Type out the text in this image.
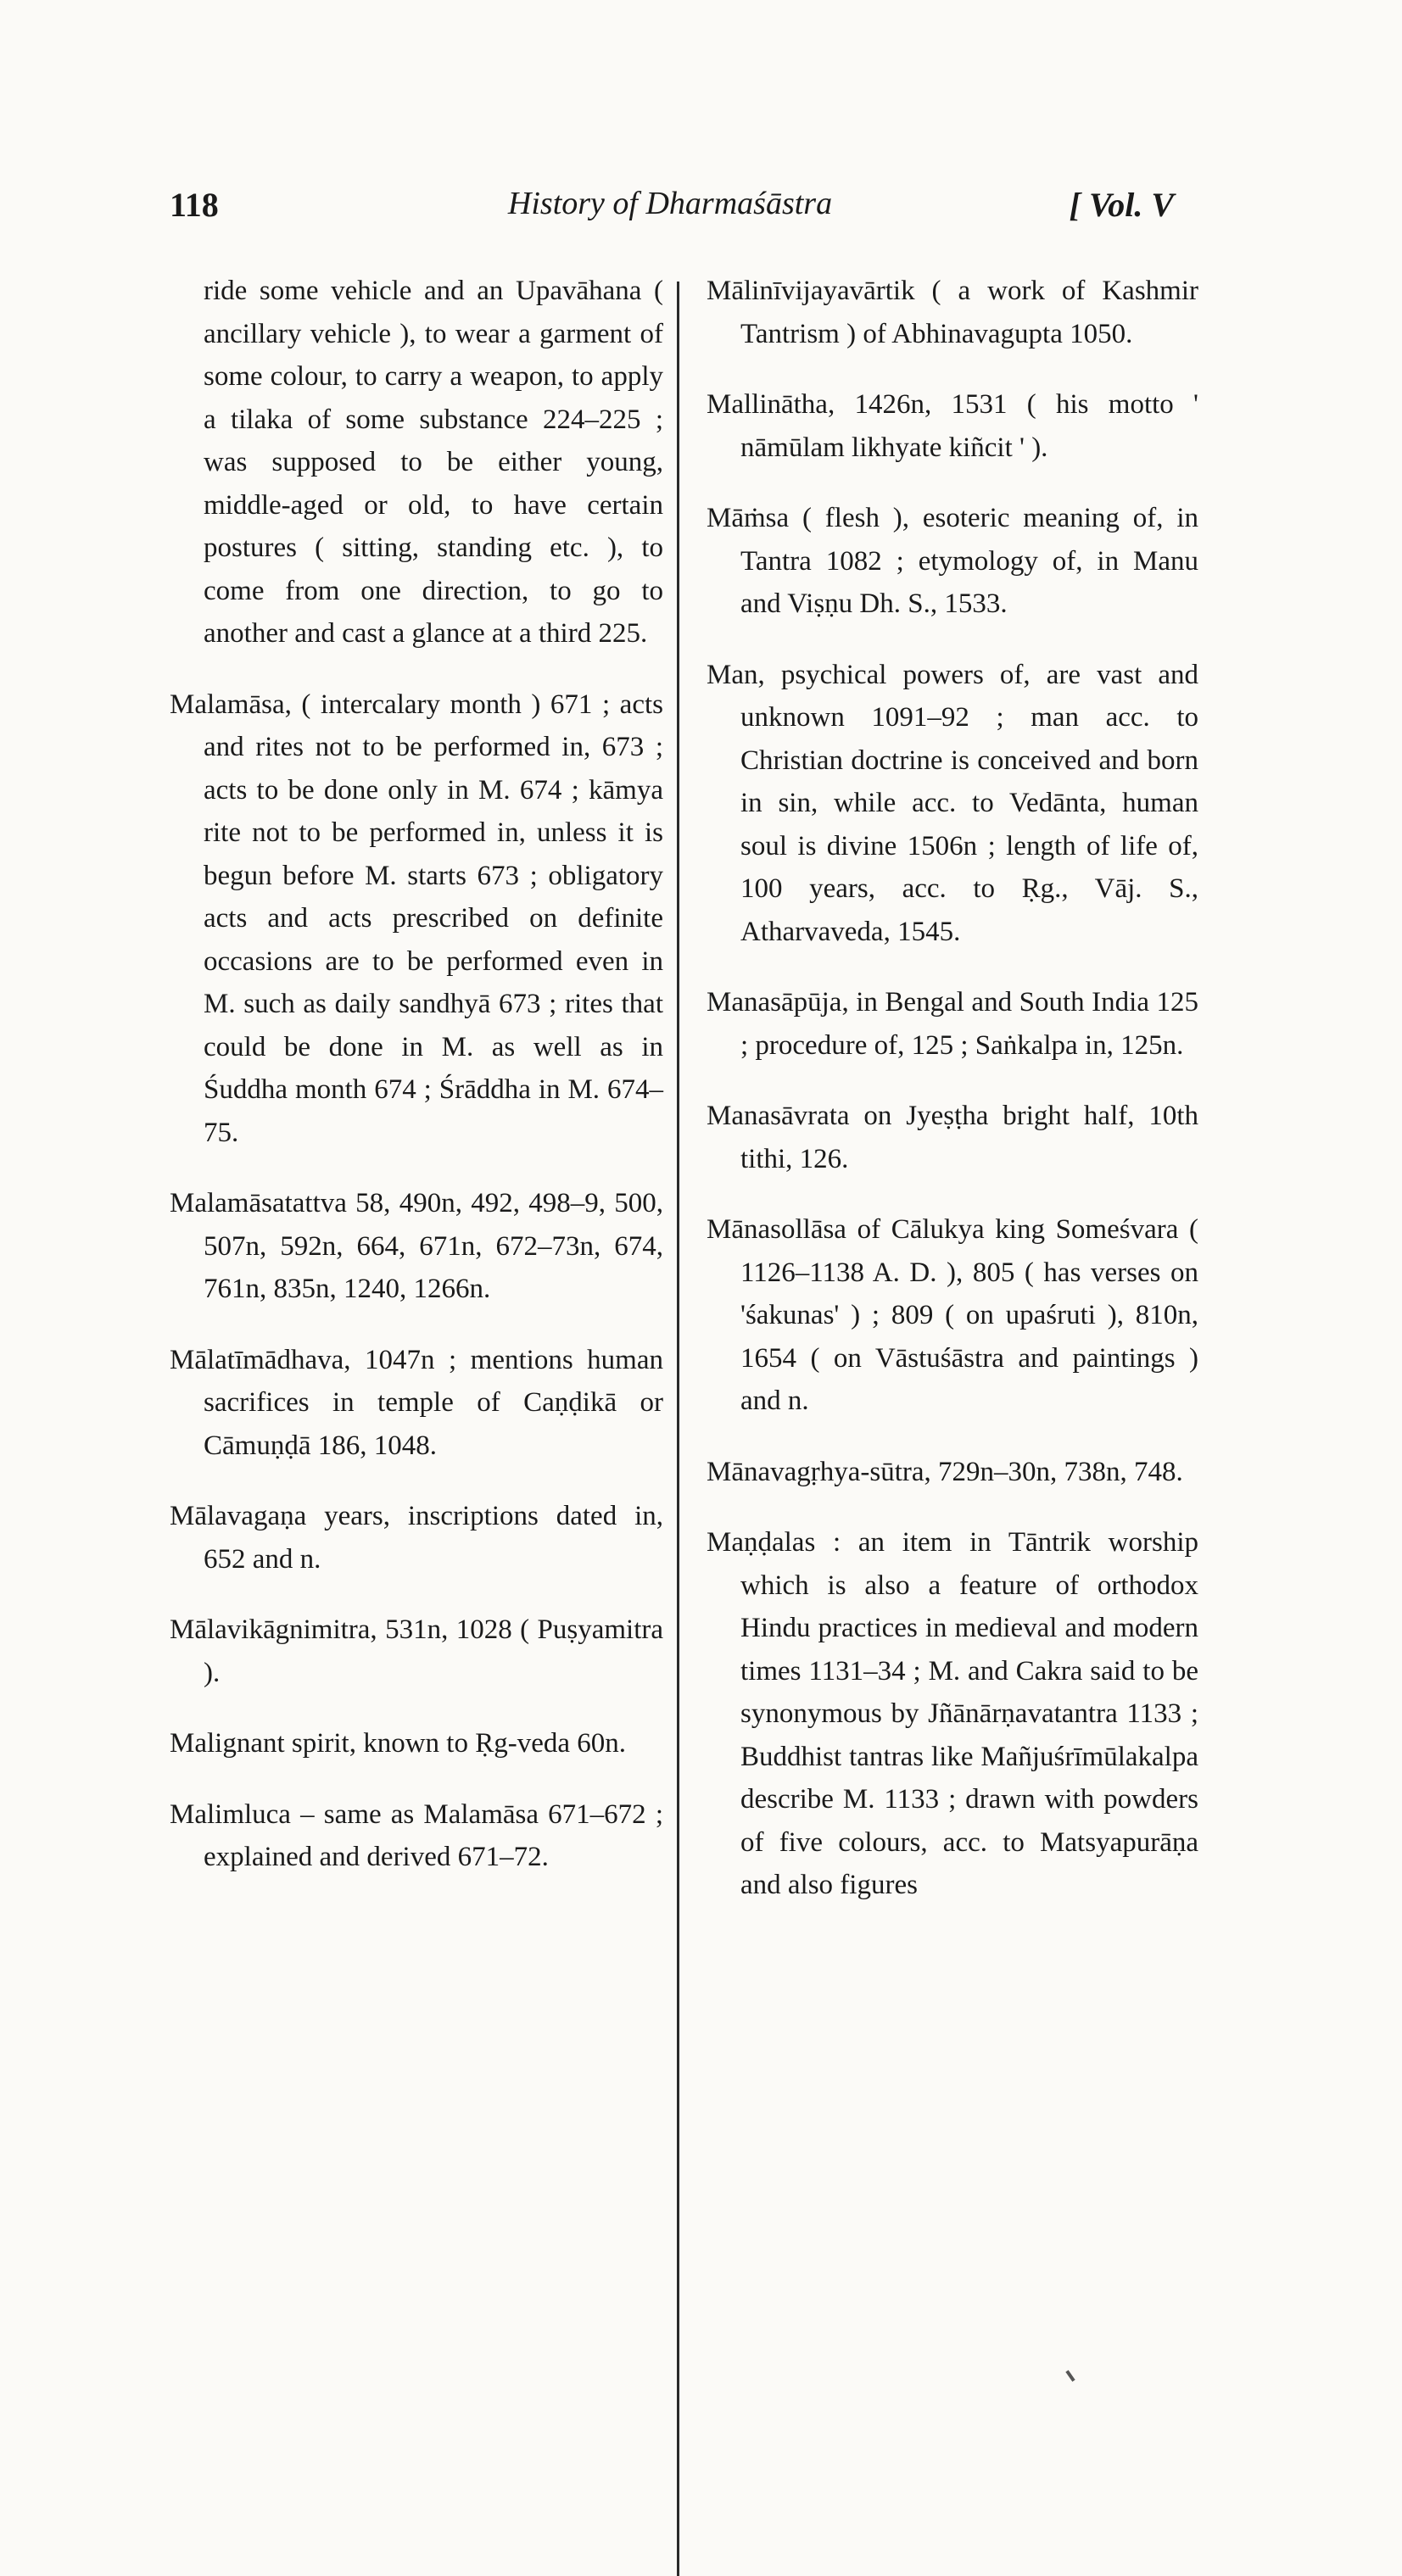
118	History of Dharmaśāstra	[ Vol. V

ride some vehicle and an Upavāhana ( ancillary vehicle ), to wear a garment of some colour, to carry a weapon, to apply a tilaka of some substance 224–225 ; was supposed to be either young, middle-aged or old, to have certain postures ( sitting, standing etc. ), to come from one direction, to go to another and cast a glance at a third 225.

Malamāsa, ( intercalary month ) 671 ; acts and rites not to be performed in, 673 ; acts to be done only in M. 674 ; kāmya rite not to be performed in, unless it is begun before M. starts 673 ; obligatory acts and acts prescribed on definite occasions are to be performed even in M. such as daily sandhyā 673 ; rites that could be done in M. as well as in Śuddha month 674 ; Śrāddha in M. 674–75.

Malamāsatattva 58, 490n, 492, 498–9, 500, 507n, 592n, 664, 671n, 672–73n, 674, 761n, 835n, 1240, 1266n.

Mālatīmādhava, 1047n ; mentions human sacrifices in temple of Caṇḍikā or Cāmuṇḍā 186, 1048.

Mālavagaṇa years, inscriptions dated in, 652 and n.

Mālavikāgnimitra, 531n, 1028 ( Puṣyamitra ).

Malignant spirit, known to Ṛg-veda 60n.

Malimluca – same as Malamāsa 671–672 ; explained and derived 671–72.

Mālinīvijayavārtik ( a work of Kashmir Tantrism ) of Abhinavagupta 1050.

Mallinātha, 1426n, 1531 ( his motto ' nāmūlam likhyate kiñcit ' ).

Māṁsa ( flesh ), esoteric meaning of, in Tantra 1082 ; etymology of, in Manu and Viṣṇu Dh. S., 1533.

Man, psychical powers of, are vast and unknown 1091–92 ; man acc. to Christian doctrine is conceived and born in sin, while acc. to Vedānta, human soul is divine 1506n ; length of life of, 100 years, acc. to Ṛg., Vāj. S., Atharvaveda, 1545.

Manasāpūja, in Bengal and South India 125 ; procedure of, 125 ; Saṅkalpa in, 125n.

Manasāvrata on Jyeṣṭha bright half, 10th tithi, 126.

Mānasollāsa of Cālukya king Someśvara ( 1126–1138 A. D. ), 805 ( has verses on 'śakunas' ) ; 809 ( on upaśruti ), 810n, 1654 ( on Vāstuśāstra and paintings ) and n.

Mānavagṛhya-sūtra, 729n–30n, 738n, 748.

Maṇḍalas : an item in Tāntrik worship which is also a feature of orthodox Hindu practices in medieval and modern times 1131–34 ; M. and Cakra said to be synonymous by Jñānārṇavatantra 1133 ; Buddhist tantras like Mañjuśrīmūlakalpa describe M. 1133 ; drawn with powders of five colours, acc. to Matsyapurāṇa and also figures
